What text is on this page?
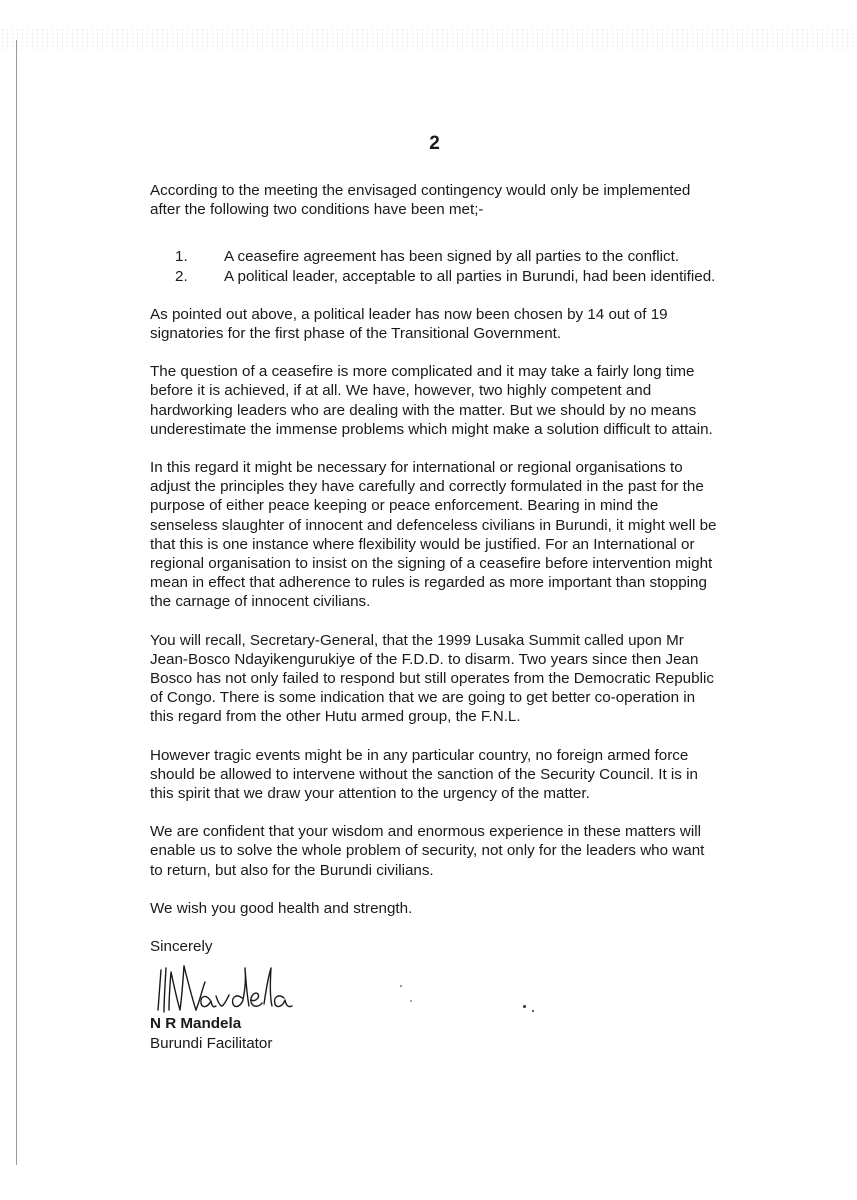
2

According to the meeting the envisaged contingency would only be implemented after the following two conditions have been met;-

1.	A ceasefire agreement has been signed by all parties to the conflict.
2.	A political leader, acceptable to all parties in Burundi, had been identified.

As pointed out above, a political leader has now been chosen by 14 out of 19 signatories for the first phase of the Transitional Government.

The question of a ceasefire is more complicated and it may take a fairly long time before it is achieved, if at all. We have, however, two highly competent and hardworking leaders who are dealing with the matter. But we should by no means underestimate the immense problems which might make a solution difficult to attain.

In this regard it might be necessary for international or regional organisations to adjust the principles they have carefully and correctly formulated in the past for the purpose of either peace keeping or peace enforcement. Bearing in mind the senseless slaughter of innocent and defenceless civilians in Burundi, it might well be that this is one instance where flexibility would be justified. For an International or regional organisation to insist on the signing of a ceasefire before intervention might mean in effect that adherence to rules is regarded as more important than stopping the carnage of innocent civilians.

You will recall, Secretary-General, that the 1999 Lusaka Summit called upon Mr Jean-Bosco Ndayikengurukiye of the F.D.D. to disarm. Two years since then Jean Bosco has not only failed to respond but still operates from the Democratic Republic of Congo. There is some indication that we are going to get better co-operation in this regard from the other Hutu armed group, the F.N.L.

However tragic events might be in any particular country, no foreign armed force should be allowed to intervene without the sanction of the Security Council. It is in this spirit that we draw your attention to the urgency of the matter.

We are confident that your wisdom and enormous experience in these matters will enable us to solve the whole problem of security, not only for the leaders who want to return, but also for the Burundi civilians.

We wish you good health and strength.

Sincerely
NMandela
N R Mandela
Burundi Facilitator
